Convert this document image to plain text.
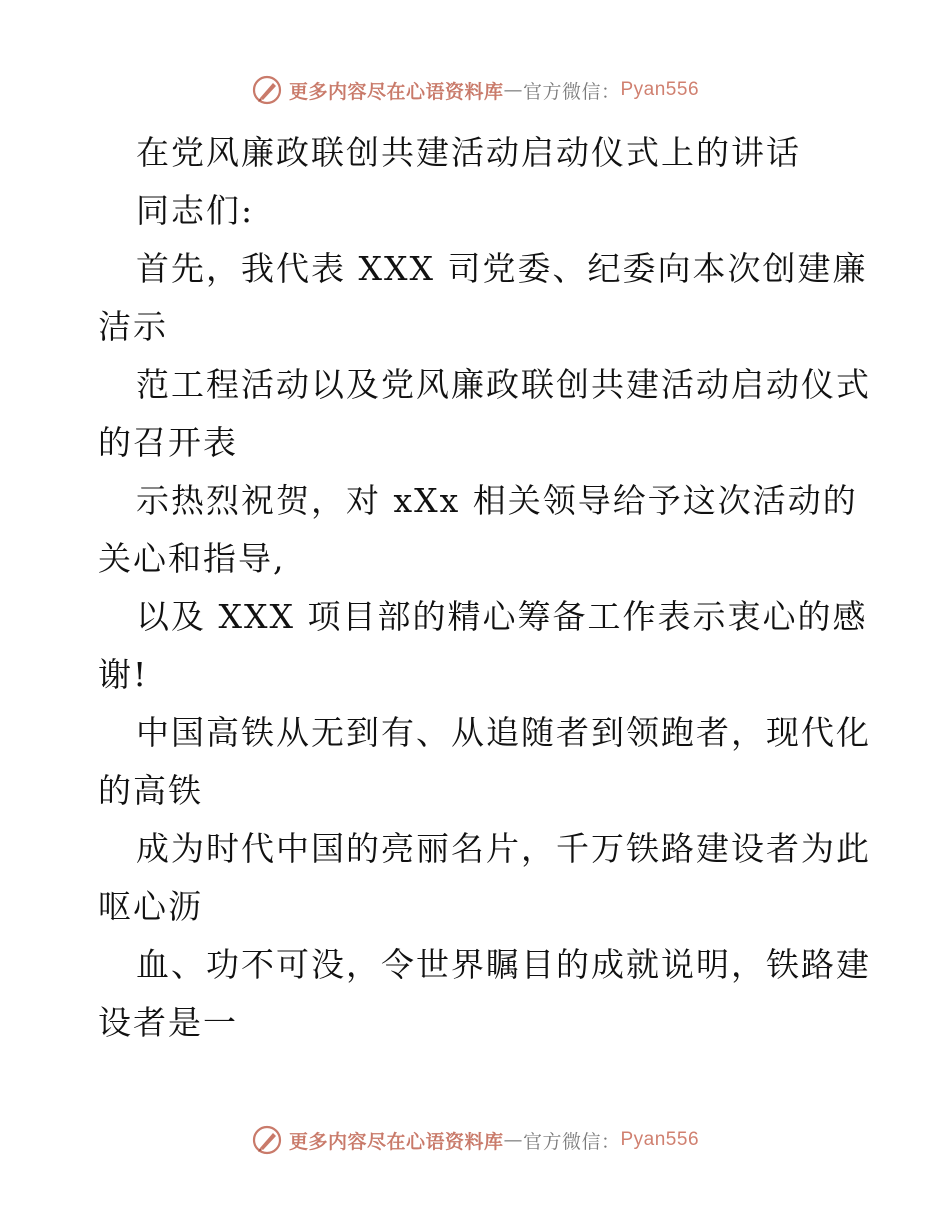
更多内容尽在心语资料库 — 官方微信： Pyan556
在党风廉政联创共建活动启动仪式上的讲话
同志们:
首先，我代表 XXX 司党委、纪委向本次创建廉
洁示
范工程活动以及党风廉政联创共建活动启动仪式
的召开表
示热烈祝贺，对 xXx 相关领导给予这次活动的
关心和指导,
以及 XXX 项目部的精心筹备工作表示衷心的感
谢!
中国高铁从无到有、从追随者到领跑者，现代化
的高铁
成为时代中国的亮丽名片，千万铁路建设者为此
呕心沥
血、功不可没，令世界瞩目的成就说明，铁路建
设者是一
更多内容尽在心语资料库 — 官方微信： Pyan556
